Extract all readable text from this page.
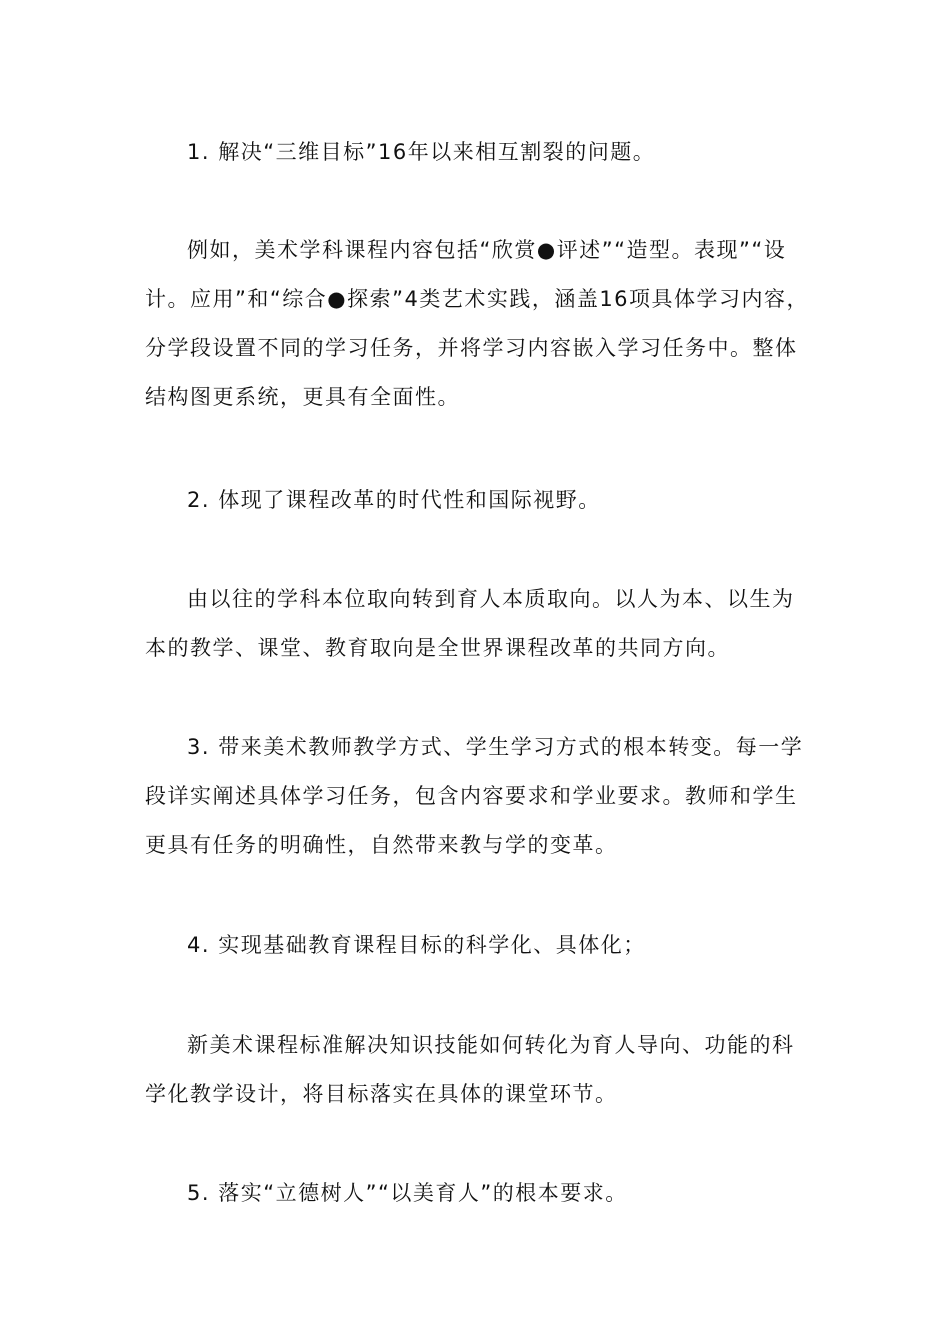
1. 解决“三维目标”16年以来相互割裂的问题。

例如，美术学科课程内容包括“欣赏●评述”“造型。表现”“设计。应用”和“综合●探索”4类艺术实践，涵盖16项具体学习内容，分学段设置不同的学习任务，并将学习内容嵌入学习任务中。整体结构图更系统，更具有全面性。

2. 体现了课程改革的时代性和国际视野。

由以往的学科本位取向转到育人本质取向。以人为本、以生为本的教学、课堂、教育取向是全世界课程改革的共同方向。

3. 带来美术教师教学方式、学生学习方式的根本转变。每一学段详实阐述具体学习任务，包含内容要求和学业要求。教师和学生更具有任务的明确性，自然带来教与学的变革。

4. 实现基础教育课程目标的科学化、具体化；

新美术课程标准解决知识技能如何转化为育人导向、功能的科学化教学设计，将目标落实在具体的课堂环节。

5. 落实“立德树人”“以美育人”的根本要求。
